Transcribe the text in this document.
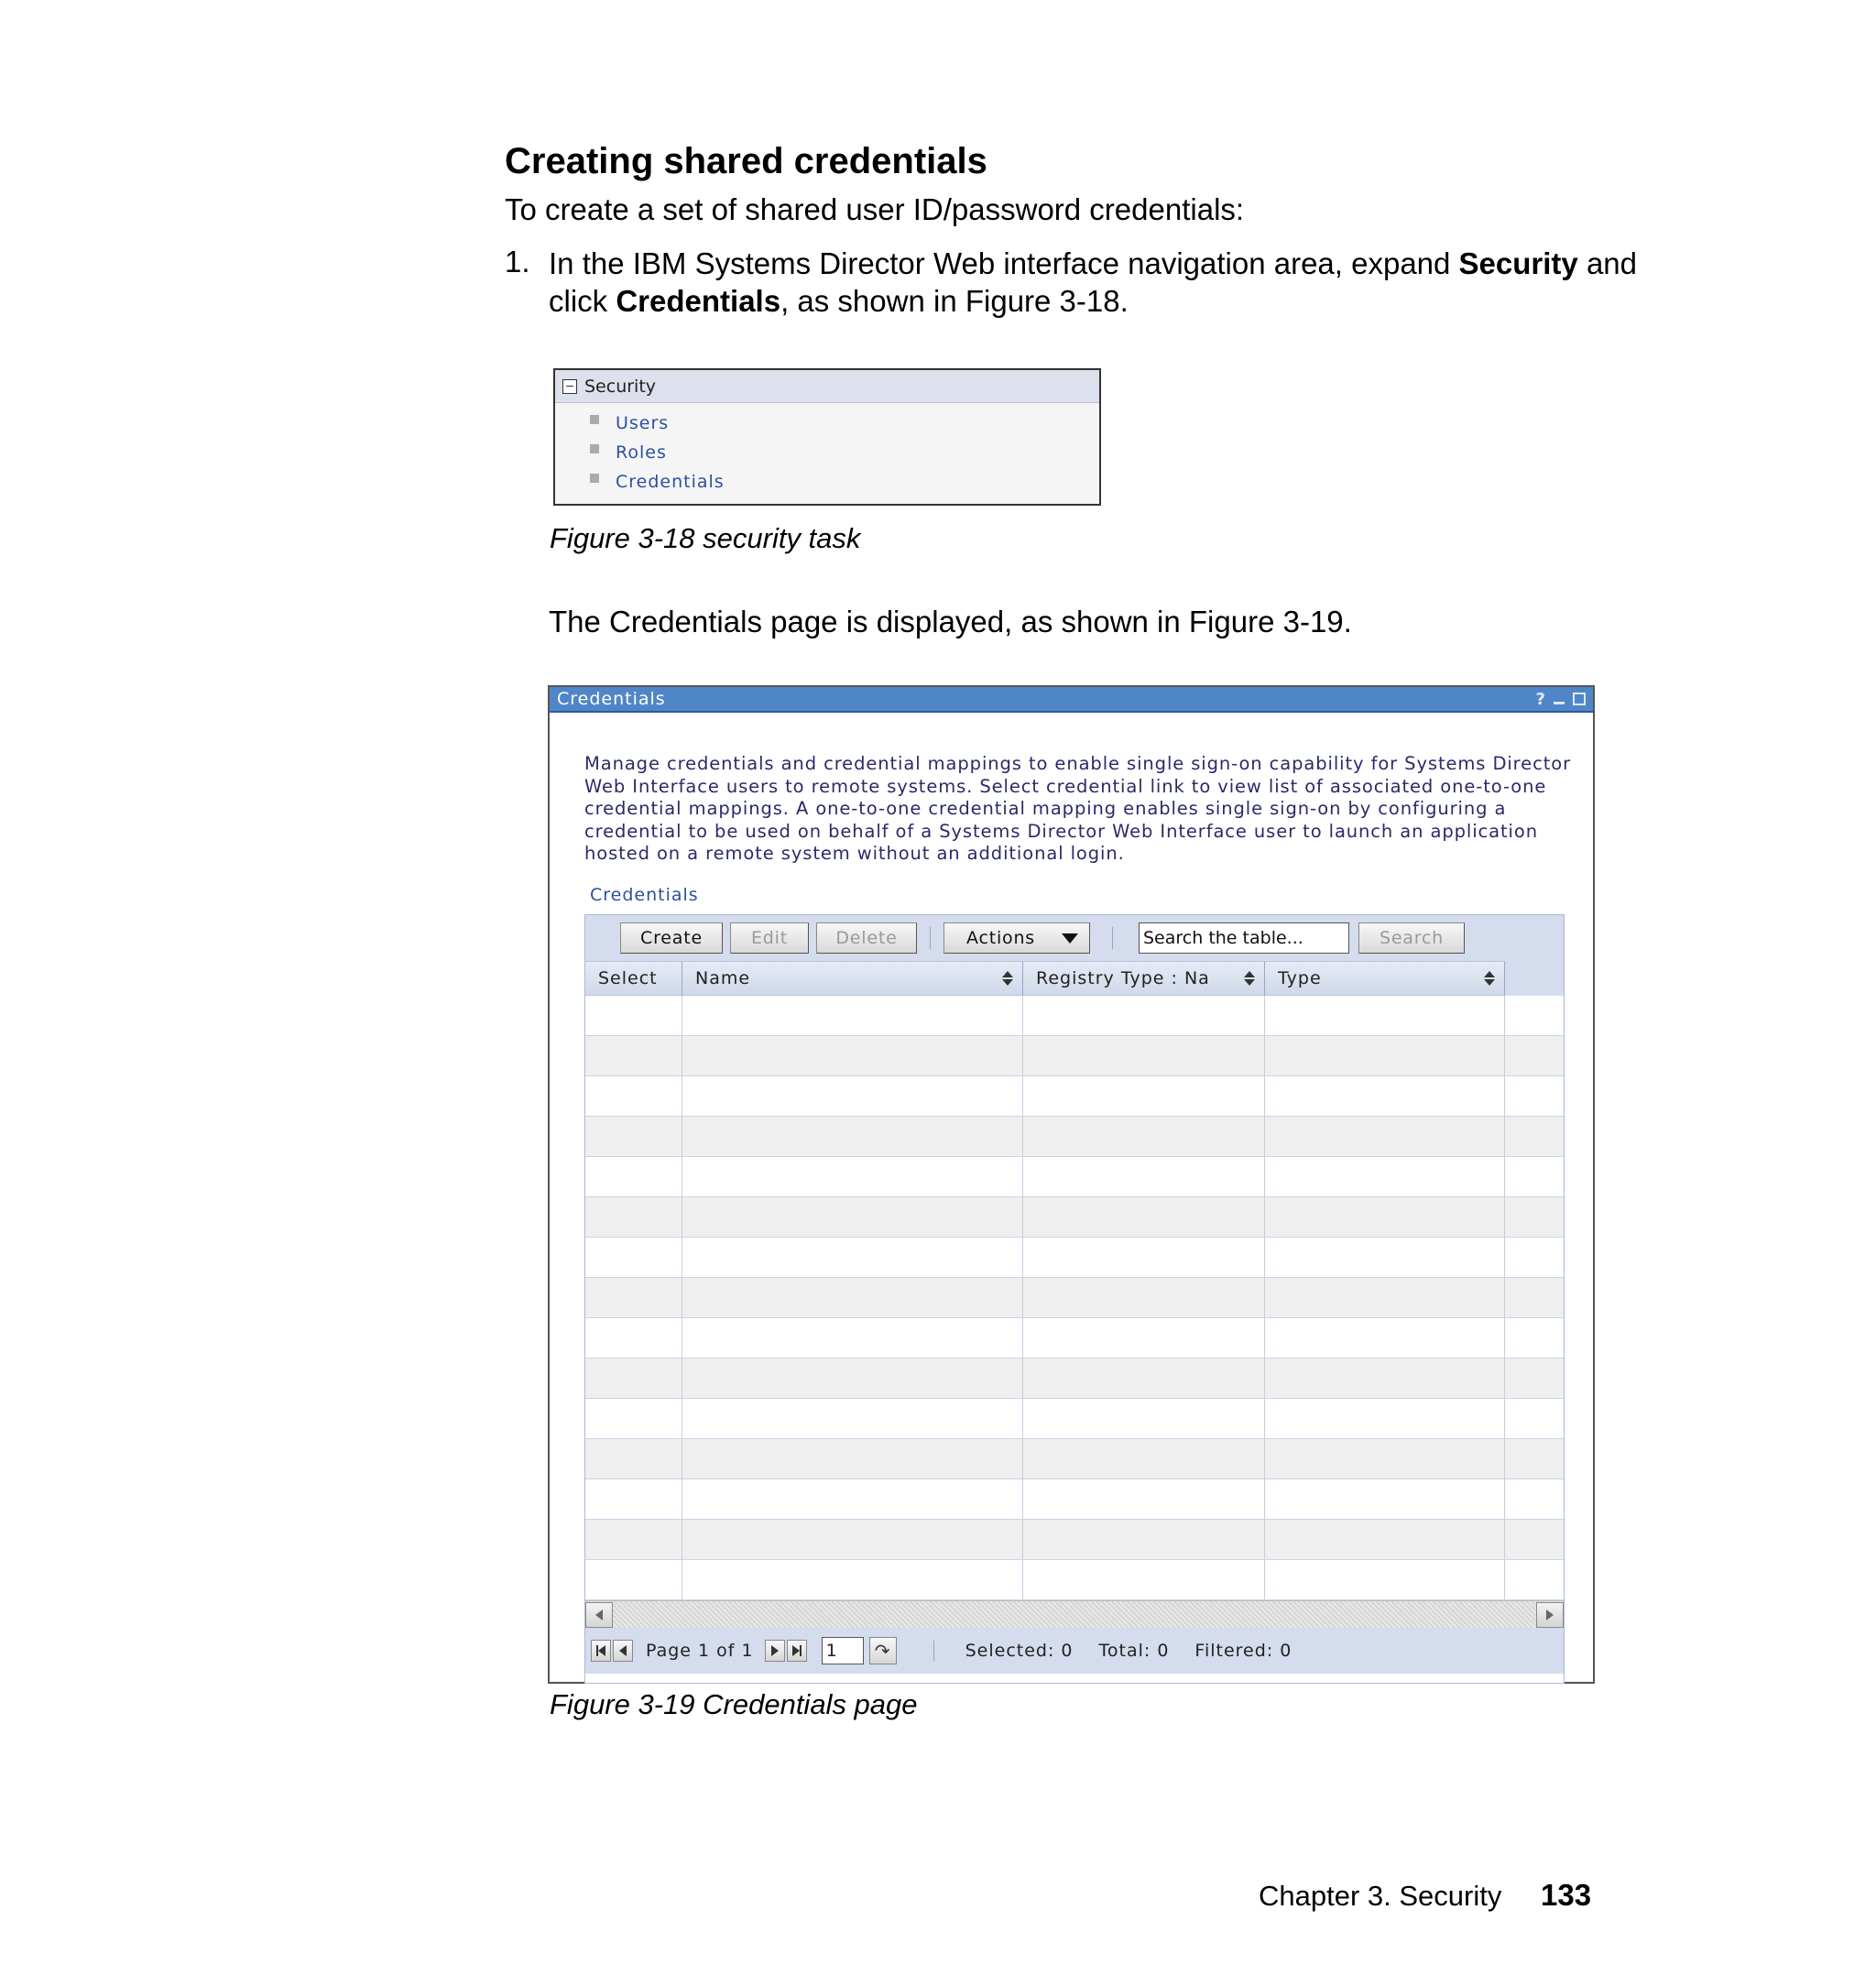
Creating shared credentials
To create a set of shared user ID/password credentials:
1. In the IBM Systems Director Web interface navigation area, expand Security and click Credentials, as shown in Figure 3-18.
Security
Users
Roles
Credentials
Figure 3-18 security task
The Credentials page is displayed, as shown in Figure 3-19.
Credentials	?
Manage credentials and credential mappings to enable single sign-on capability for Systems Director Web Interface users to remote systems. Select credential link to view list of associated one-to-one credential mappings. A one-to-one credential mapping enables single sign-on by configuring a credential to be used on behalf of a Systems Director Web Interface user to launch an application hosted on a remote system without an additional login.
Credentials
Create	Edit	Delete	Actions	Search the table...	Search
Select Name	Registry Type : Na	Type
Page 1 of 1	1	↷	Selected: 0 Total: 0 Filtered: 0
Figure 3-19 Credentials page
Chapter 3. Security 133
